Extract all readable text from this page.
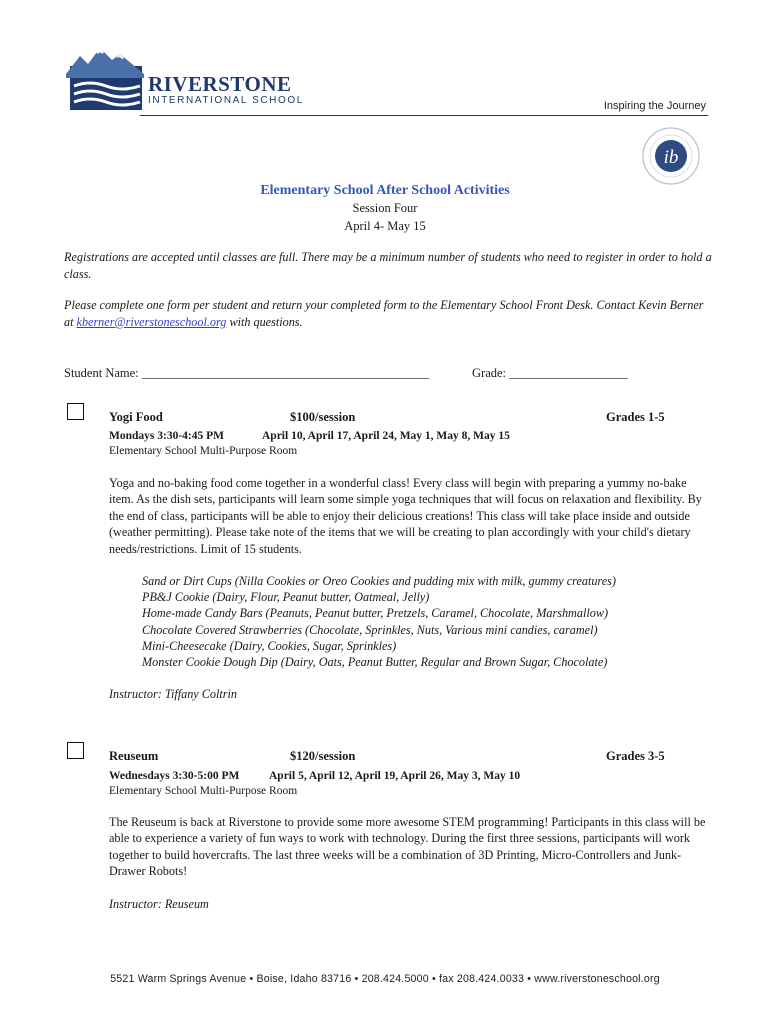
RIVERSTONE
INTERNATIONAL SCHOOL	Inspiring the Journey
ib
Elementary School After School Activities
Session Four
April 4- May 15
Registrations are accepted until classes are full. There may be a minimum number of students who need to register in order to hold a class.
Please complete one form per student and return your completed form to the Elementary School Front Desk. Contact Kevin Berner at kberner@riverstoneschool.org with questions.
Student Name: ______________________________________________	Grade: ___________________
Yogi Food	$100/session	Grades 1-5
Mondays 3:30-4:45 PM	April 10, April 17, April 24, May 1, May 8, May 15
Elementary School Multi-Purpose Room
Yoga and no-baking food come together in a wonderful class! Every class will begin with preparing a yummy no-bake item. As the dish sets, participants will learn some simple yoga techniques that will focus on relaxation and flexibility. By the end of class, participants will be able to enjoy their delicious creations! This class will take place inside and outside (weather permitting). Please take note of the items that we will be creating to plan accordingly with your child's dietary needs/restrictions. Limit of 15 students.
Sand or Dirt Cups (Nilla Cookies or Oreo Cookies and pudding mix with milk, gummy creatures)
PB&J Cookie (Dairy, Flour, Peanut butter, Oatmeal, Jelly)
Home-made Candy Bars (Peanuts, Peanut butter, Pretzels, Caramel, Chocolate, Marshmallow)
Chocolate Covered Strawberries (Chocolate, Sprinkles, Nuts, Various mini candies, caramel)
Mini-Cheesecake (Dairy, Cookies, Sugar, Sprinkles)
Monster Cookie Dough Dip (Dairy, Oats, Peanut Butter, Regular and Brown Sugar, Chocolate)
Instructor: Tiffany Coltrin
Reuseum	$120/session	Grades 3-5
Wednesdays 3:30-5:00 PM	April 5, April 12, April 19, April 26, May 3, May 10
Elementary School Multi-Purpose Room
The Reuseum is back at Riverstone to provide some more awesome STEM programming! Participants in this class will be able to experience a variety of fun ways to work with technology. During the first three sessions, participants will work together to build hovercrafts. The last three weeks will be a combination of 3D Printing, Micro-Controllers and Junk-Drawer Robots!
Instructor: Reuseum
5521 Warm Springs Avenue • Boise, Idaho 83716 • 208.424.5000 • fax 208.424.0033 • www.riverstoneschool.org
